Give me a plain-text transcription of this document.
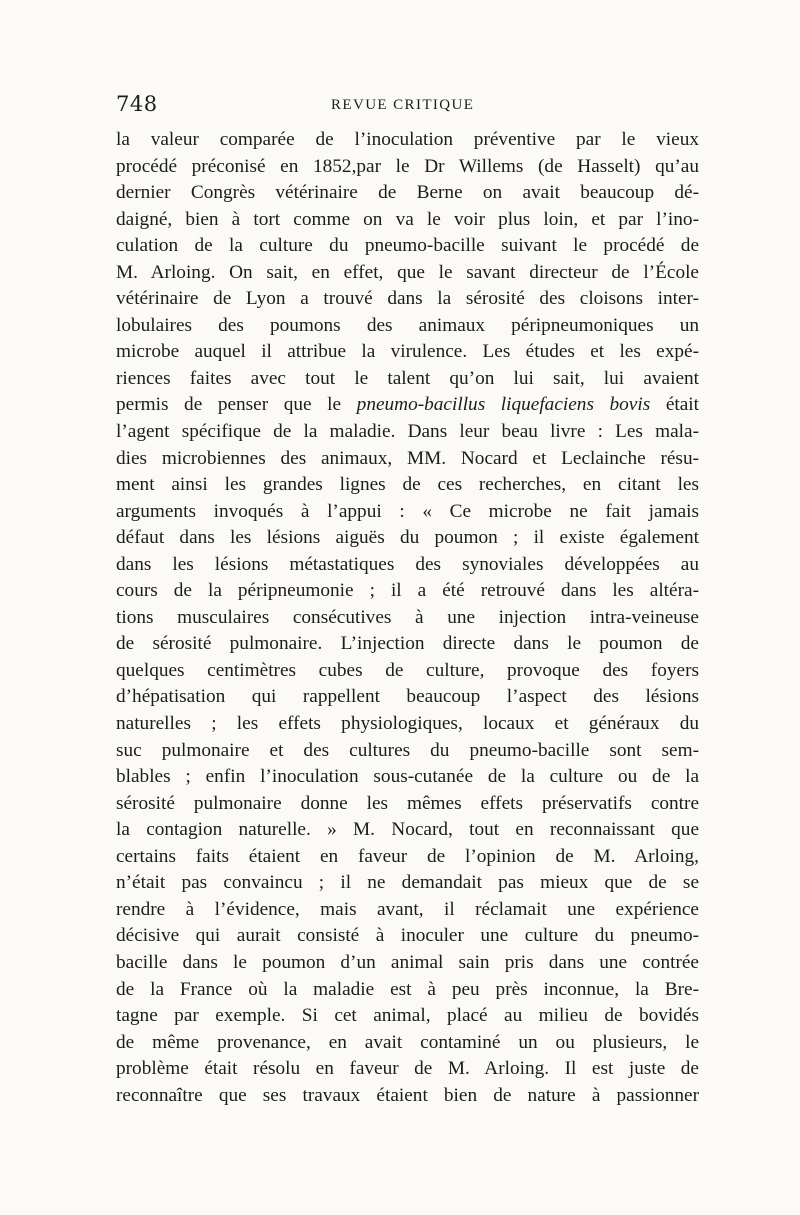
748	REVUE CRITIQUE
la valeur comparée de l’inoculation préventive par le vieux
procédé préconisé en 1852,par le Dr Willems (de Hasselt) qu’au
dernier Congrès vétérinaire de Berne on avait beaucoup dé-
daigné, bien à tort comme on va le voir plus loin, et par l’ino-
culation de la culture du pneumo-bacille suivant le procédé de
M. Arloing. On sait, en effet, que le savant directeur de l’École
vétérinaire de Lyon a trouvé dans la sérosité des cloisons inter-
lobulaires des poumons des animaux péripneumoniques un
microbe auquel il attribue la virulence. Les études et les expé-
riences faites avec tout le talent qu’on lui sait, lui avaient
permis de penser que le pneumo-bacillus liquefaciens bovis était
l’agent spécifique de la maladie. Dans leur beau livre : Les mala-
dies microbiennes des animaux, MM. Nocard et Leclainche résu-
ment ainsi les grandes lignes de ces recherches, en citant les
arguments invoqués à l’appui : « Ce microbe ne fait jamais
défaut dans les lésions aiguës du poumon ; il existe également
dans les lésions métastatiques des synoviales développées au
cours de la péripneumonie ; il a été retrouvé dans les altéra-
tions musculaires consécutives à une injection intra-veineuse
de sérosité pulmonaire. L’injection directe dans le poumon de
quelques centimètres cubes de culture, provoque des foyers
d’hépatisation qui rappellent beaucoup l’aspect des lésions
naturelles ; les effets physiologiques, locaux et généraux du
suc pulmonaire et des cultures du pneumo-bacille sont sem-
blables ; enfin l’inoculation sous-cutanée de la culture ou de la
sérosité pulmonaire donne les mêmes effets préservatifs contre
la contagion naturelle. » M. Nocard, tout en reconnaissant que
certains faits étaient en faveur de l’opinion de M. Arloing,
n’était pas convaincu ; il ne demandait pas mieux que de se
rendre à l’évidence, mais avant, il réclamait une expérience
décisive qui aurait consisté à inoculer une culture du pneumo-
bacille dans le poumon d’un animal sain pris dans une contrée
de la France où la maladie est à peu près inconnue, la Bre-
tagne par exemple. Si cet animal, placé au milieu de bovidés
de même provenance, en avait contaminé un ou plusieurs, le
problème était résolu en faveur de M. Arloing. Il est juste de
reconnaître que ses travaux étaient bien de nature à passionner
